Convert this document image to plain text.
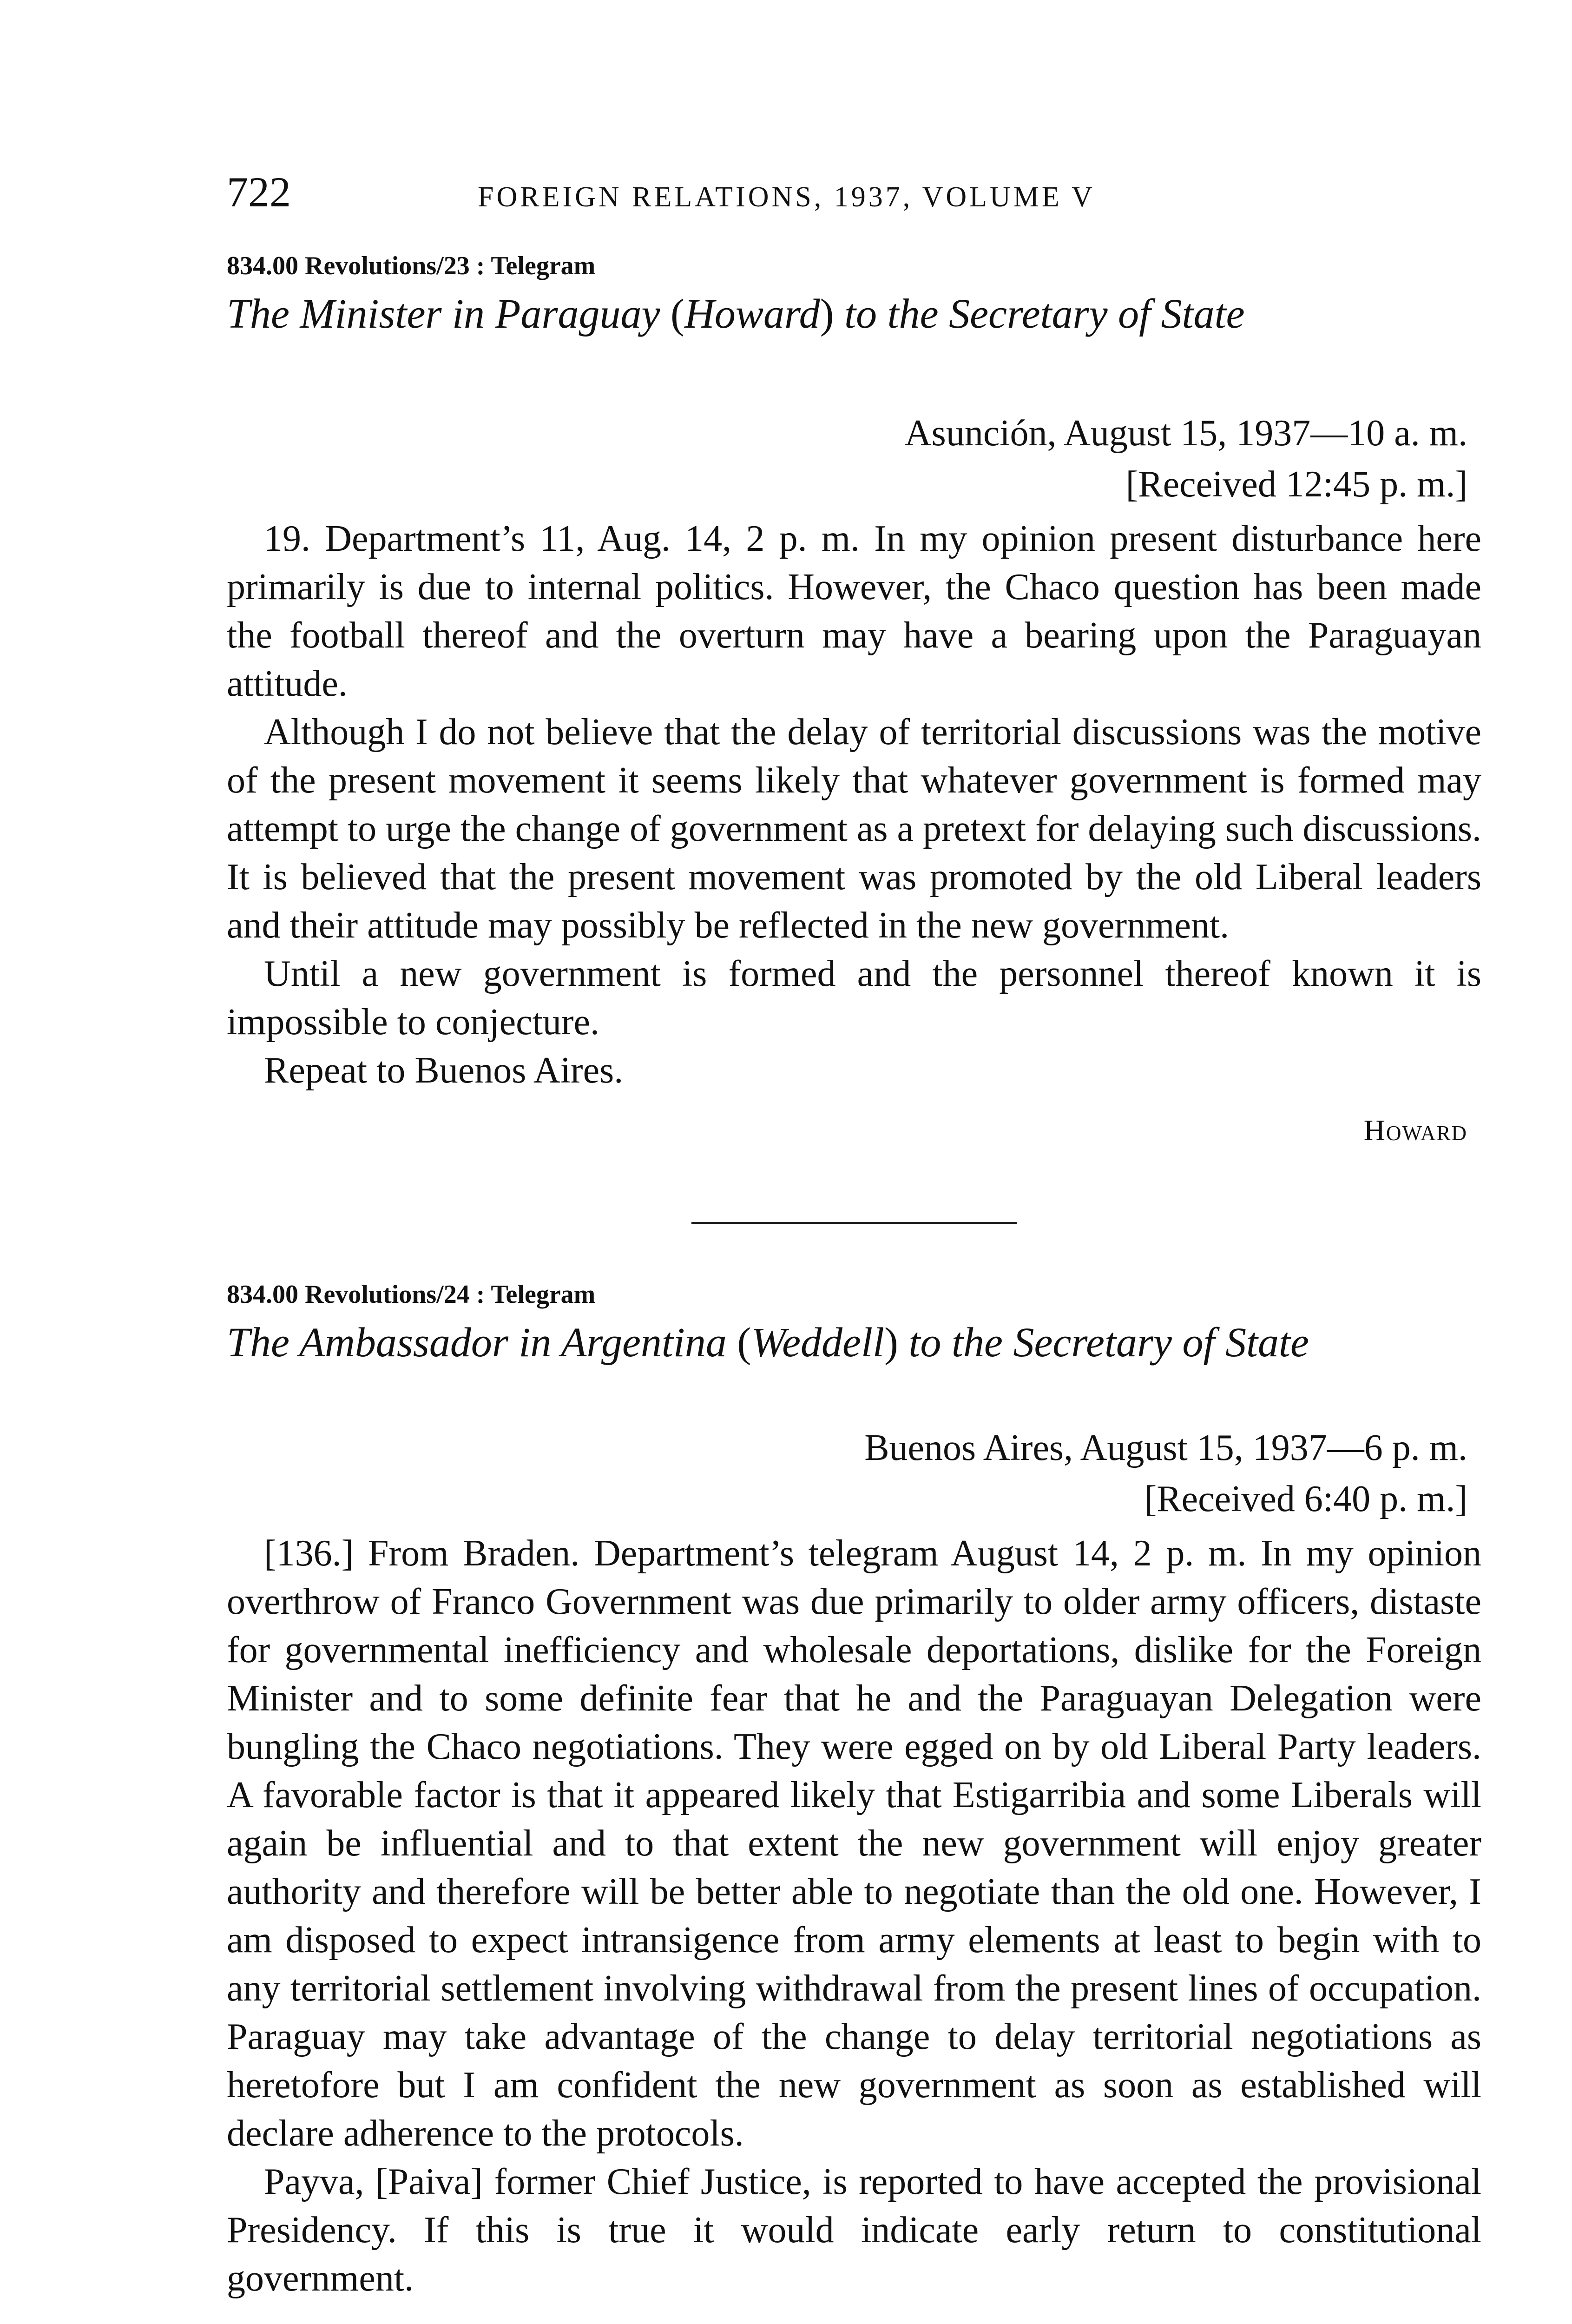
722	FOREIGN RELATIONS, 1937, VOLUME V
834.00 Revolutions/23 : Telegram
The Minister in Paraguay (Howard) to the Secretary of State
Asunción, August 15, 1937—10 a. m.
[Received 12:45 p. m.]

19. Department’s 11, Aug. 14, 2 p. m. In my opinion present disturbance here primarily is due to internal politics. However, the Chaco question has been made the football thereof and the overturn may have a bearing upon the Paraguayan attitude.

Although I do not believe that the delay of territorial discussions was the motive of the present movement it seems likely that whatever government is formed may attempt to urge the change of government as a pretext for delaying such discussions. It is believed that the present movement was promoted by the old Liberal leaders and their attitude may possibly be reflected in the new government.

Until a new government is formed and the personnel thereof known it is impossible to conjecture.

Repeat to Buenos Aires.

Howard
834.00 Revolutions/24 : Telegram
The Ambassador in Argentina (Weddell) to the Secretary of State
Buenos Aires, August 15, 1937—6 p. m.
[Received 6:40 p. m.]

[136.] From Braden. Department’s telegram August 14, 2 p. m. In my opinion overthrow of Franco Government was due primarily to older army officers, distaste for governmental inefficiency and wholesale deportations, dislike for the Foreign Minister and to some definite fear that he and the Paraguayan Delegation were bungling the Chaco negotiations. They were egged on by old Liberal Party leaders. A favorable factor is that it appeared likely that Estigarribia and some Liberals will again be influential and to that extent the new government will enjoy greater authority and therefore will be better able to negotiate than the old one. However, I am disposed to expect intransigence from army elements at least to begin with to any territorial settlement involving withdrawal from the present lines of occupation. Paraguay may take advantage of the change to delay territorial negotiations as heretofore but I am confident the new government as soon as established will declare adherence to the protocols.

Payva, [Paiva] former Chief Justice, is reported to have accepted the provisional Presidency. If this is true it would indicate early return to constitutional government.
